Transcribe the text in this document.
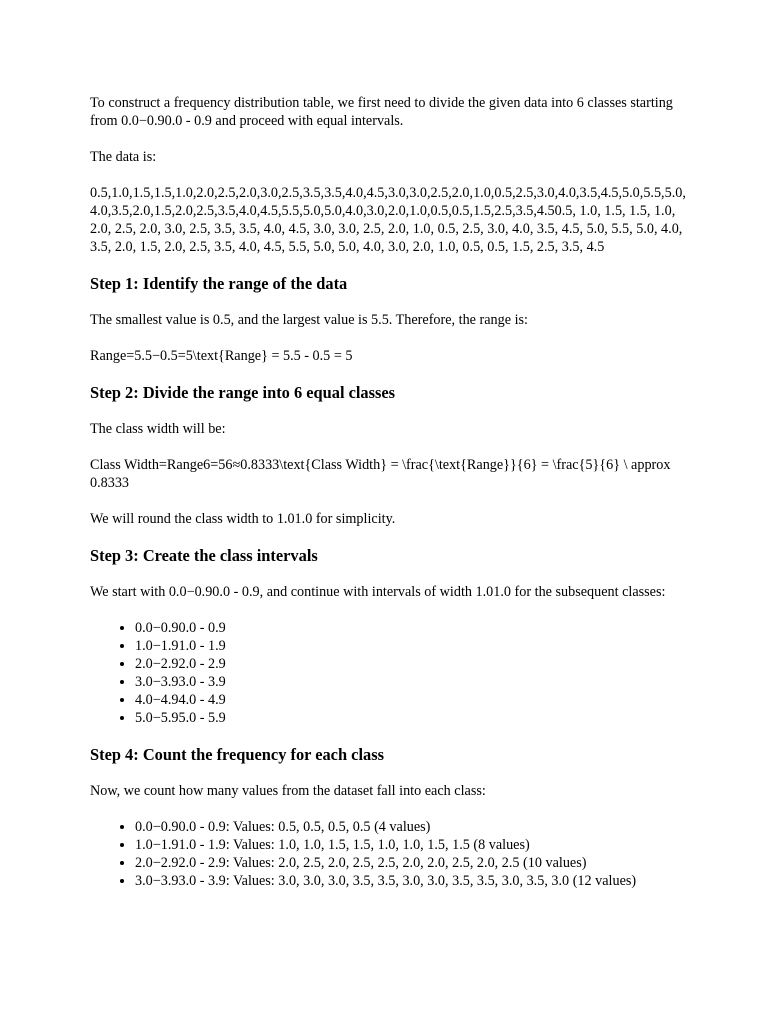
To construct a frequency distribution table, we first need to divide the given data into 6 classes starting from 0.0−0.90.0 - 0.9 and proceed with equal intervals.

The data is:

0.5,1.0,1.5,1.5,1.0,2.0,2.5,2.0,3.0,2.5,3.5,3.5,4.0,4.5,3.0,3.0,2.5,2.0,1.0,0.5,2.5,3.0,4.0,3.5,4.5,5.0,5.5,5.0,4.0,3.5,2.0,1.5,2.0,2.5,3.5,4.0,4.5,5.5,5.0,5.0,4.0,3.0,2.0,1.0,0.5,0.5,1.5,2.5,3.5,4.50.5, 1.0, 1.5, 1.5, 1.0, 2.0, 2.5, 2.0, 3.0, 2.5, 3.5, 3.5, 4.0, 4.5, 3.0, 3.0, 2.5, 2.0, 1.0, 0.5, 2.5, 3.0, 4.0, 3.5, 4.5, 5.0, 5.5, 5.0, 4.0, 3.5, 2.0, 1.5, 2.0, 2.5, 3.5, 4.0, 4.5, 5.5, 5.0, 5.0, 4.0, 3.0, 2.0, 1.0, 0.5, 0.5, 1.5, 2.5, 3.5, 4.5

Step 1: Identify the range of the data

The smallest value is 0.5, and the largest value is 5.5. Therefore, the range is:

Range=5.5−0.5=5\text{Range} = 5.5 - 0.5 = 5

Step 2: Divide the range into 6 equal classes

The class width will be:

Class Width=Range6=56≈0.8333\text{Class Width} = \frac{\text{Range}}{6} = \frac{5}{6} \ approx 0.8333

We will round the class width to 1.01.0 for simplicity.

Step 3: Create the class intervals

We start with 0.0−0.90.0 - 0.9, and continue with intervals of width 1.01.0 for the subsequent classes:

• 0.0−0.90.0 - 0.9
• 1.0−1.91.0 - 1.9
• 2.0−2.92.0 - 2.9
• 3.0−3.93.0 - 3.9
• 4.0−4.94.0 - 4.9
• 5.0−5.95.0 - 5.9
Step 4: Count the frequency for each class

Now, we count how many values from the dataset fall into each class:

• 0.0−0.90.0 - 0.9: Values: 0.5, 0.5, 0.5, 0.5 (4 values)
• 1.0−1.91.0 - 1.9: Values: 1.0, 1.0, 1.5, 1.5, 1.0, 1.0, 1.5, 1.5 (8 values)
• 2.0−2.92.0 - 2.9: Values: 2.0, 2.5, 2.0, 2.5, 2.5, 2.0, 2.0, 2.5, 2.0, 2.5 (10 values)
• 3.0−3.93.0 - 3.9: Values: 3.0, 3.0, 3.0, 3.5, 3.5, 3.0, 3.0, 3.5, 3.5, 3.0, 3.5, 3.0 (12 values)
